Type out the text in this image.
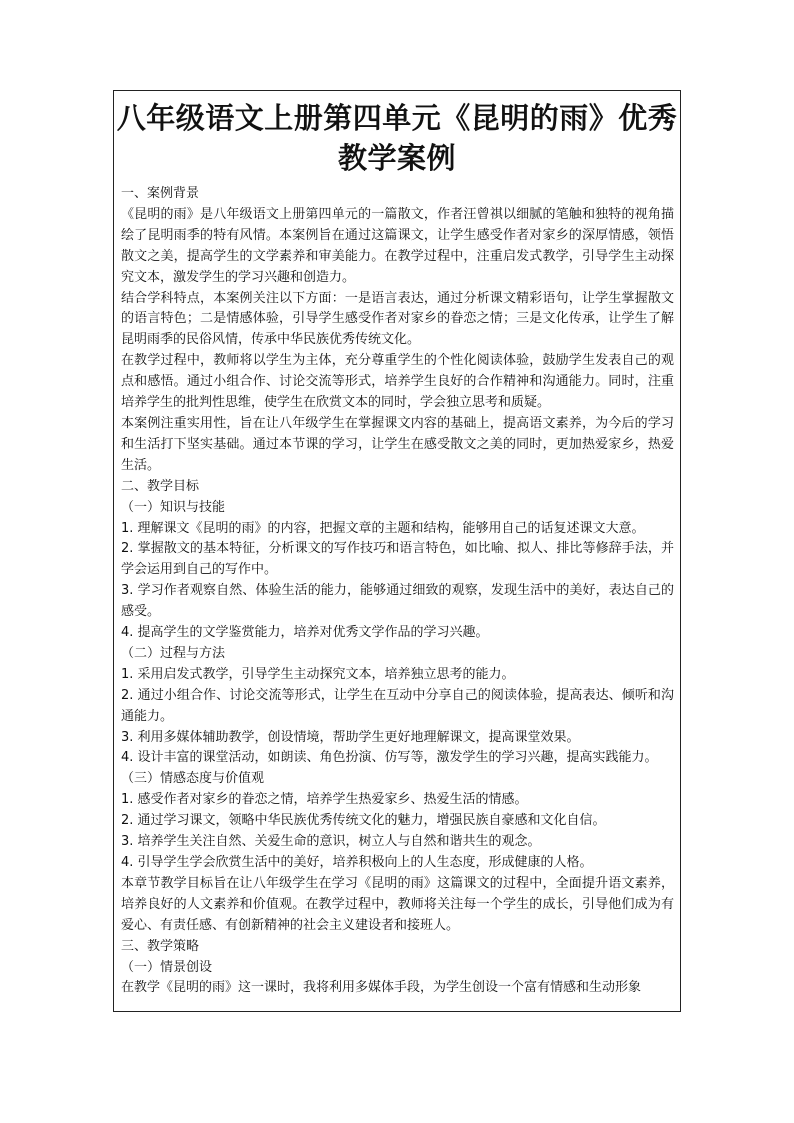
八年级语文上册第四单元《昆明的雨》优秀教学案例

一、案例背景

《昆明的雨》是八年级语文上册第四单元的一篇散文，作者汪曾祺以细腻的笔触和独特的视角描绘了昆明雨季的特有风情。本案例旨在通过这篇课文，让学生感受作者对家乡的深厚情感，领悟散文之美，提高学生的文学素养和审美能力。在教学过程中，注重启发式教学，引导学生主动探究文本，激发学生的学习兴趣和创造力。

结合学科特点，本案例关注以下方面：一是语言表达，通过分析课文精彩语句，让学生掌握散文的语言特色；二是情感体验，引导学生感受作者对家乡的眷恋之情；三是文化传承，让学生了解昆明雨季的民俗风情，传承中华民族优秀传统文化。

在教学过程中，教师将以学生为主体，充分尊重学生的个性化阅读体验，鼓励学生发表自己的观点和感悟。通过小组合作、讨论交流等形式，培养学生良好的合作精神和沟通能力。同时，注重培养学生的批判性思维，使学生在欣赏文本的同时，学会独立思考和质疑。

本案例注重实用性，旨在让八年级学生在掌握课文内容的基础上，提高语文素养，为今后的学习和生活打下坚实基础。通过本节课的学习，让学生在感受散文之美的同时，更加热爱家乡，热爱生活。

二、教学目标

（一）知识与技能

1. 理解课文《昆明的雨》的内容，把握文章的主题和结构，能够用自己的话复述课文大意。

2. 掌握散文的基本特征，分析课文的写作技巧和语言特色，如比喻、拟人、排比等修辞手法，并学会运用到自己的写作中。

3. 学习作者观察自然、体验生活的能力，能够通过细致的观察，发现生活中的美好，表达自己的感受。

4. 提高学生的文学鉴赏能力，培养对优秀文学作品的学习兴趣。

（二）过程与方法

1. 采用启发式教学，引导学生主动探究文本，培养独立思考的能力。

2. 通过小组合作、讨论交流等形式，让学生在互动中分享自己的阅读体验，提高表达、倾听和沟通能力。

3. 利用多媒体辅助教学，创设情境，帮助学生更好地理解课文，提高课堂效果。

4. 设计丰富的课堂活动，如朗读、角色扮演、仿写等，激发学生的学习兴趣，提高实践能力。

（三）情感态度与价值观

1. 感受作者对家乡的眷恋之情，培养学生热爱家乡、热爱生活的情感。

2. 通过学习课文，领略中华民族优秀传统文化的魅力，增强民族自豪感和文化自信。

3. 培养学生关注自然、关爱生命的意识，树立人与自然和谐共生的观念。

4. 引导学生学会欣赏生活中的美好，培养积极向上的人生态度，形成健康的人格。

本章节教学目标旨在让八年级学生在学习《昆明的雨》这篇课文的过程中，全面提升语文素养，培养良好的人文素养和价值观。在教学过程中，教师将关注每一个学生的成长，引导他们成为有爱心、有责任感、有创新精神的社会主义建设者和接班人。

三、教学策略

（一）情景创设

在教学《昆明的雨》这一课时，我将利用多媒体手段，为学生创设一个富有情感和生动形象
